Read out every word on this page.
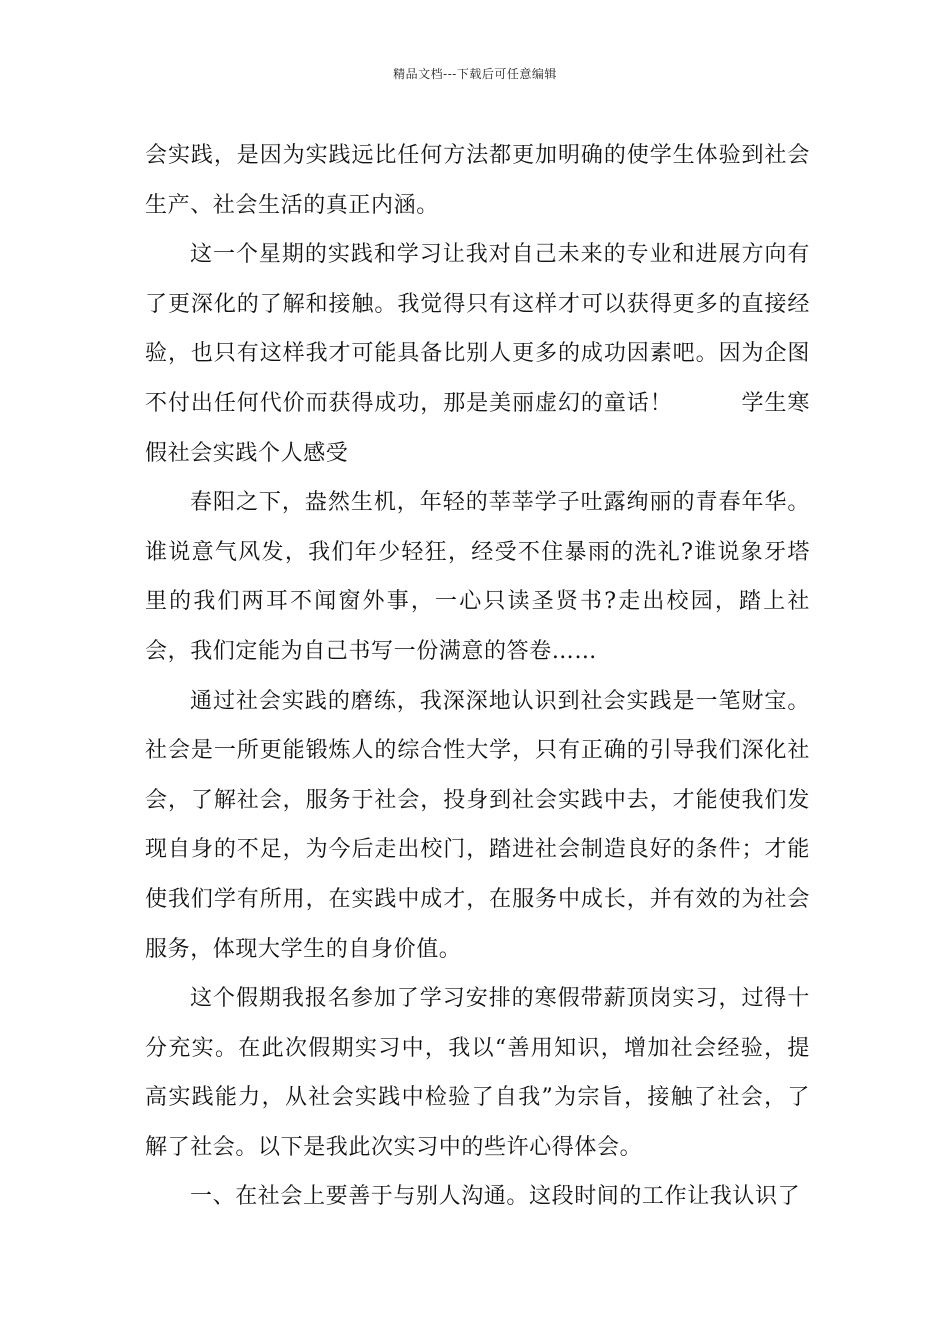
精品文档---下载后可任意编辑

会实践，是因为实践远比任何方法都更加明确的使学生体验到社会生产、社会生活的真正内涵。

这一个星期的实践和学习让我对自己未来的专业和进展方向有了更深化的了解和接触。我觉得只有这样才可以获得更多的直接经验，也只有这样我才可能具备比别人更多的成功因素吧。因为企图不付出任何代价而获得成功，那是美丽虚幻的童话！　　　学生寒假社会实践个人感受

春阳之下，盎然生机，年轻的莘莘学子吐露绚丽的青春年华。谁说意气风发，我们年少轻狂，经受不住暴雨的洗礼?谁说象牙塔里的我们两耳不闻窗外事，一心只读圣贤书?走出校园，踏上社会，我们定能为自己书写一份满意的答卷……

通过社会实践的磨练，我深深地认识到社会实践是一笔财宝。社会是一所更能锻炼人的综合性大学，只有正确的引导我们深化社会，了解社会，服务于社会，投身到社会实践中去，才能使我们发现自身的不足，为今后走出校门，踏进社会制造良好的条件；才能使我们学有所用，在实践中成才，在服务中成长，并有效的为社会服务，体现大学生的自身价值。

这个假期我报名参加了学习安排的寒假带薪顶岗实习，过得十分充实。在此次假期实习中，我以“善用知识，增加社会经验，提高实践能力，从社会实践中检验了自我”为宗旨，接触了社会，了解了社会。以下是我此次实习中的些许心得体会。

一、在社会上要善于与别人沟通。这段时间的工作让我认识了
